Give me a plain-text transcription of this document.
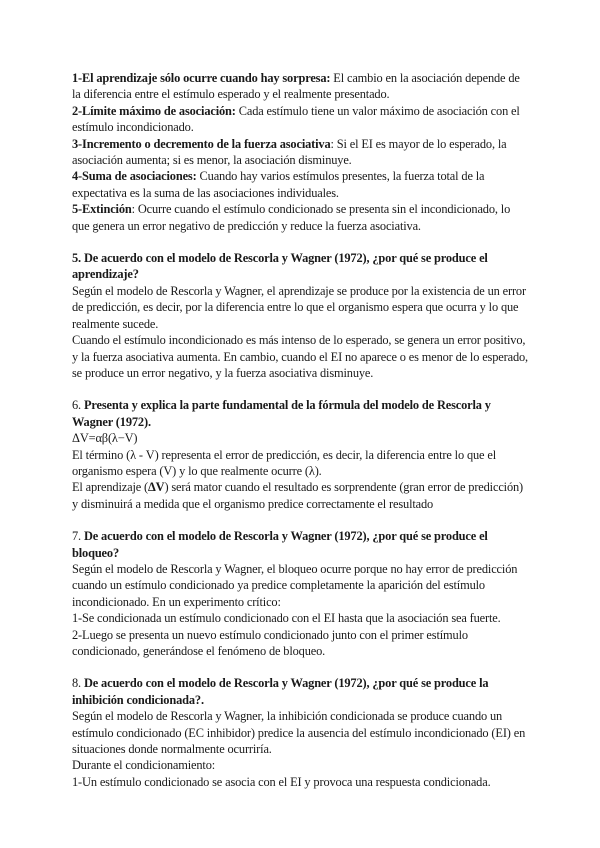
1-El aprendizaje sólo ocurre cuando hay sorpresa: El cambio en la asociación depende de la diferencia entre el estímulo esperado y el realmente presentado.

2-Límite máximo de asociación: Cada estímulo tiene un valor máximo de asociación con el estímulo incondicionado.

3-Incremento o decremento de la fuerza asociativa: Si el EI es mayor de lo esperado, la asociación aumenta; si es menor, la asociación disminuye.

4-Suma de asociaciones: Cuando hay varios estímulos presentes, la fuerza total de la expectativa es la suma de las asociaciones individuales.

5-Extinción: Ocurre cuando el estímulo condicionado se presenta sin el incondicionado, lo que genera un error negativo de predicción y reduce la fuerza asociativa.

5. De acuerdo con el modelo de Rescorla y Wagner (1972), ¿por qué se produce el aprendizaje?

Según el modelo de Rescorla y Wagner, el aprendizaje se produce por la existencia de un error de predicción, es decir, por la diferencia entre lo que el organismo espera que ocurra y lo que realmente sucede.

Cuando el estímulo incondicionado es más intenso de lo esperado, se genera un error positivo, y la fuerza asociativa aumenta. En cambio, cuando el EI no aparece o es menor de lo esperado, se produce un error negativo, y la fuerza asociativa disminuye.

6. Presenta y explica la parte fundamental de la fórmula del modelo de Rescorla y Wagner (1972).

ΔV=αβ(λ−V)

El término (λ - V) representa el error de predicción, es decir, la diferencia entre lo que el organismo espera (V) y lo que realmente ocurre (λ).

El aprendizaje (ΔV) será mator cuando el resultado es sorprendente (gran error de predicción) y disminuirá a medida que el organismo predice correctamente el resultado

7. De acuerdo con el modelo de Rescorla y Wagner (1972), ¿por qué se produce el bloqueo?

Según el modelo de Rescorla y Wagner, el bloqueo ocurre porque no hay error de predicción cuando un estímulo condicionado ya predice completamente la aparición del estímulo incondicionado. En un experimento crítico:

1-Se condicionada un estímulo condicionado con el EI hasta que la asociación sea fuerte.

2-Luego se presenta un nuevo estímulo condicionado junto con el primer estímulo condicionado, generándose el fenómeno de bloqueo.

8. De acuerdo con el modelo de Rescorla y Wagner (1972), ¿por qué se produce la inhibición condicionada?.

Según el modelo de Rescorla y Wagner, la inhibición condicionada se produce cuando un estímulo condicionado (EC inhibidor) predice la ausencia del estímulo incondicionado (EI) en situaciones donde normalmente ocurriría.

Durante el condicionamiento:

1-Un estímulo condicionado se asocia con el EI y provoca una respuesta condicionada.
